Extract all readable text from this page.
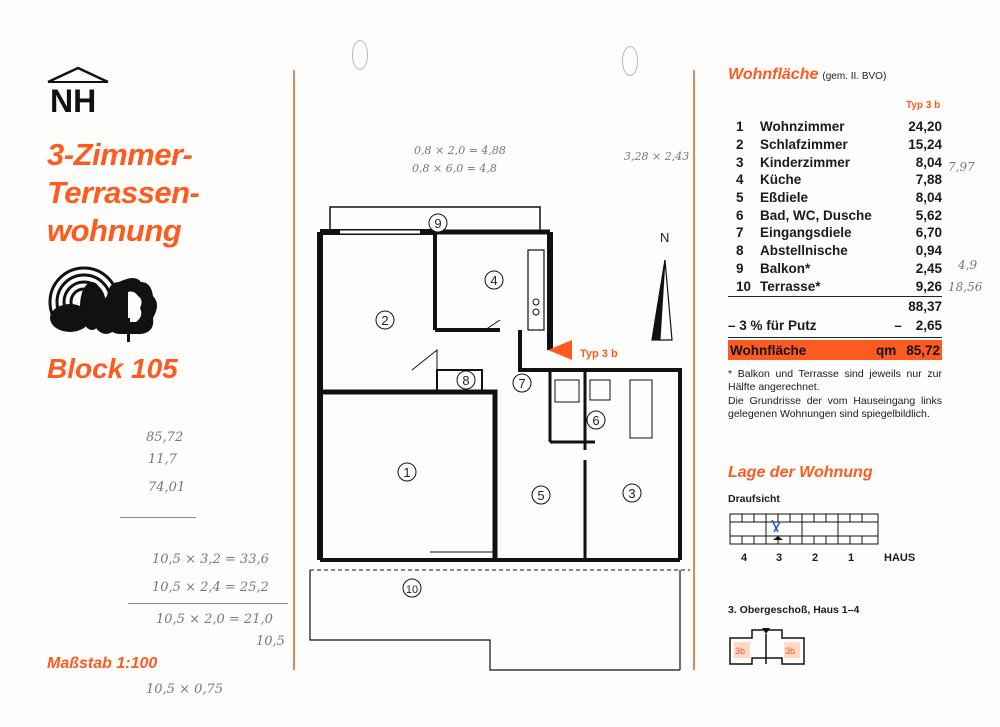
NH
3-Zimmer-
Terrassen-
wohnung
Block 105
Maßstab 1:100
0,8 × 2,0 = 4,88
0,8 × 6,0 = 4,8
3,28 × 2,43
7,97
4,9
18,56
85,72
11,7
74,01
10,5 × 3,2 = 33,6
10,5 × 2,4 = 25,2
10,5 × 2,0 = 21,0
10,5
10,5 × 0,75
N
Typ 3 b
1
2
3
4
5
6
7
8
9
10
Wohnfläche (gem. II. BVO)
Typ 3 b
1	Wohnzimmer	24,20
2	Schlafzimmer	15,24
3	Kinderzimmer	8,04
4	Küche	7,88
5	Eßdiele	8,04
6	Bad, WC, Dusche	5,62
7	Eingangsdiele	6,70
8	Abstellnische	0,94
9	Balkon*	2,45
10	Terrasse*	9,26
88,37
– 3 % für Putz	– 2,65
Wohnfläche	qm 85,72
* Balkon und Terrasse sind jeweils nur zur Hälfte angerechnet.
Die Grundrisse der vom Hauseingang links gelegenen Wohnungen sind spiegelbildlich.
Lage der Wohnung
Draufsicht
4	3	2	1	HAUS
3. Obergeschoß, Haus 1–4
3b	3b
